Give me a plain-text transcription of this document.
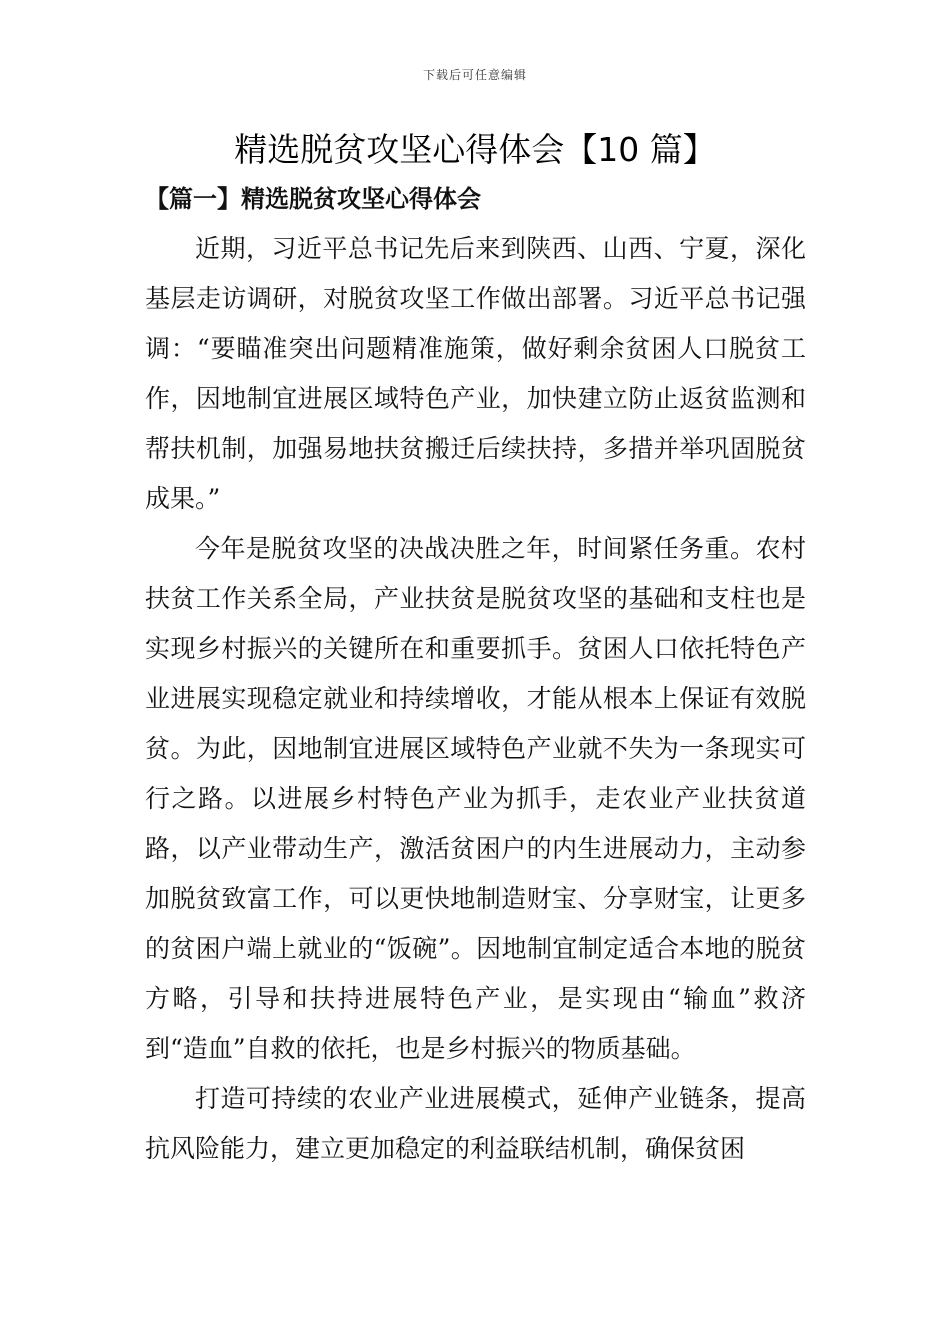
下载后可任意编辑
精选脱贫攻坚心得体会【10 篇】
【篇一】精选脱贫攻坚心得体会

近期，习近平总书记先后来到陕西、山西、宁夏，深化基层走访调研，对脱贫攻坚工作做出部署。习近平总书记强调：“要瞄准突出问题精准施策，做好剩余贫困人口脱贫工作，因地制宜进展区域特色产业，加快建立防止返贫监测和帮扶机制，加强易地扶贫搬迁后续扶持，多措并举巩固脱贫成果。”

今年是脱贫攻坚的决战决胜之年，时间紧任务重。农村扶贫工作关系全局，产业扶贫是脱贫攻坚的基础和支柱也是实现乡村振兴的关键所在和重要抓手。贫困人口依托特色产业进展实现稳定就业和持续增收，才能从根本上保证有效脱贫。为此，因地制宜进展区域特色产业就不失为一条现实可行之路。以进展乡村特色产业为抓手，走农业产业扶贫道路，以产业带动生产，激活贫困户的内生进展动力，主动参加脱贫致富工作，可以更快地制造财宝、分享财宝，让更多的贫困户端上就业的“饭碗”。因地制宜制定适合本地的脱贫方略，引导和扶持进展特色产业，是实现由“输血”救济到“造血”自救的依托，也是乡村振兴的物质基础。

打造可持续的农业产业进展模式，延伸产业链条，提高抗风险能力，建立更加稳定的利益联结机制，确保贫困
